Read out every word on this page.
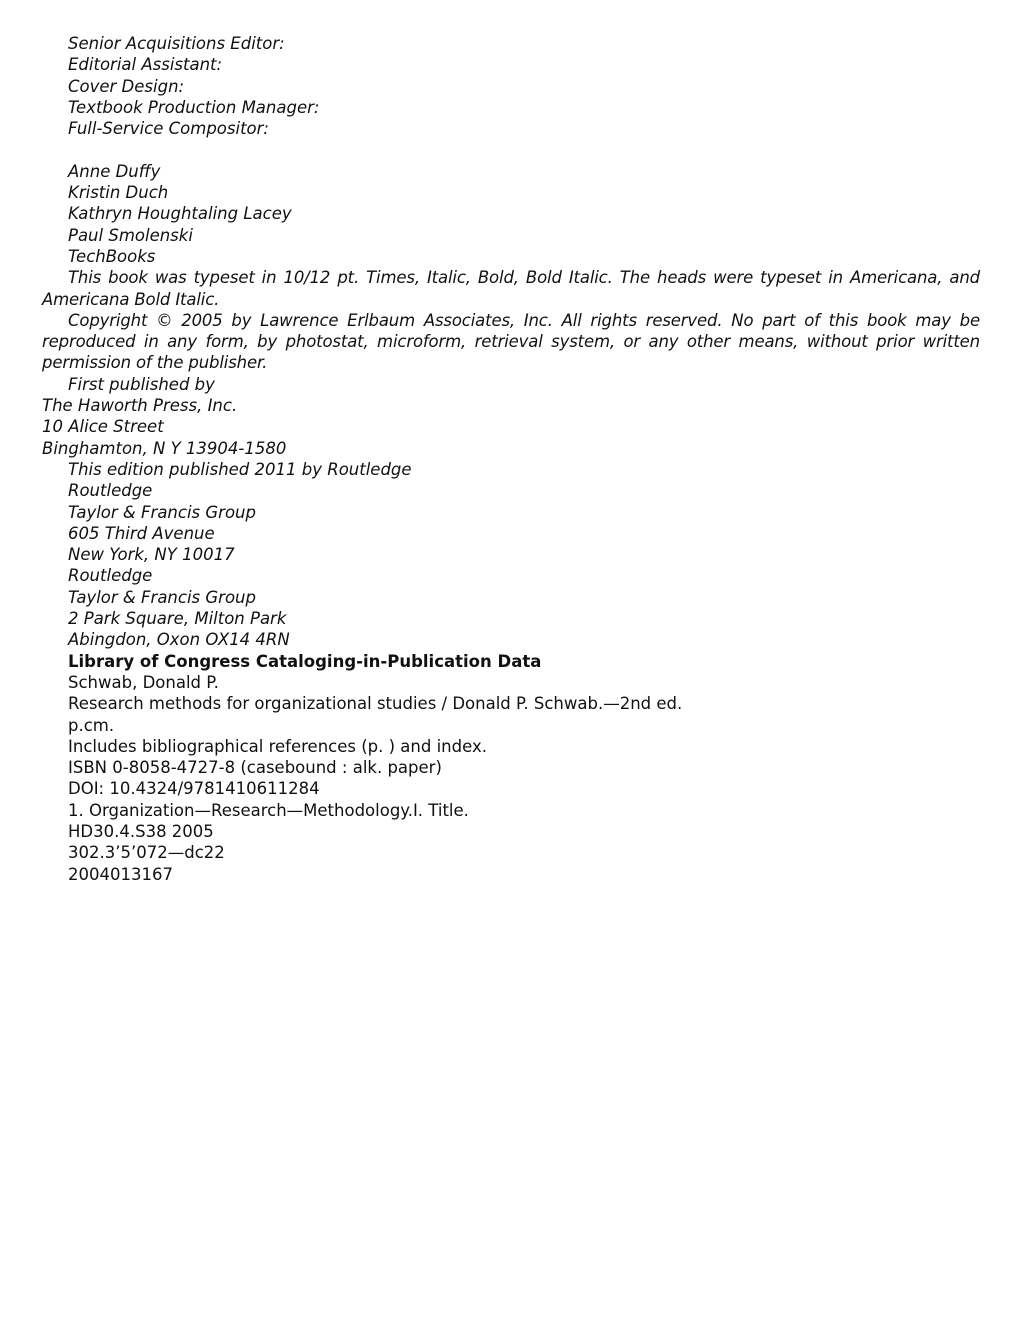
Senior Acquisitions Editor:
Editorial Assistant:
Cover Design:
Textbook Production Manager:
Full-Service Compositor:
Anne Duffy
Kristin Duch
Kathryn Houghtaling Lacey
Paul Smolenski
TechBooks
This book was typeset in 10/12 pt. Times, Italic, Bold, Bold Italic. The heads were typeset in Americana, and Americana Bold Italic.
Copyright © 2005 by Lawrence Erlbaum Associates, Inc. All rights reserved. No part of this book may be reproduced in any form, by photostat, microform, retrieval system, or any other means, without prior written permission of the publisher.
First published by
The Haworth Press, Inc.
10 Alice Street
Binghamton, N Y 13904-1580
This edition published 2011 by Routledge
Routledge
Taylor & Francis Group
605 Third Avenue
New York, NY 10017
Routledge
Taylor & Francis Group
2 Park Square, Milton Park
Abingdon, Oxon OX14 4RN
Library of Congress Cataloging-in-Publication Data
Schwab, Donald P.
Research methods for organizational studies / Donald P. Schwab.—2nd ed.
p.cm.
Includes bibliographical references (p. ) and index.
ISBN 0-8058-4727-8 (casebound : alk. paper)
DOI: 10.4324/9781410611284
1. Organization—Research—Methodology.I. Title.
HD30.4.S38 2005
302.3’5’072—dc22
2004013167
